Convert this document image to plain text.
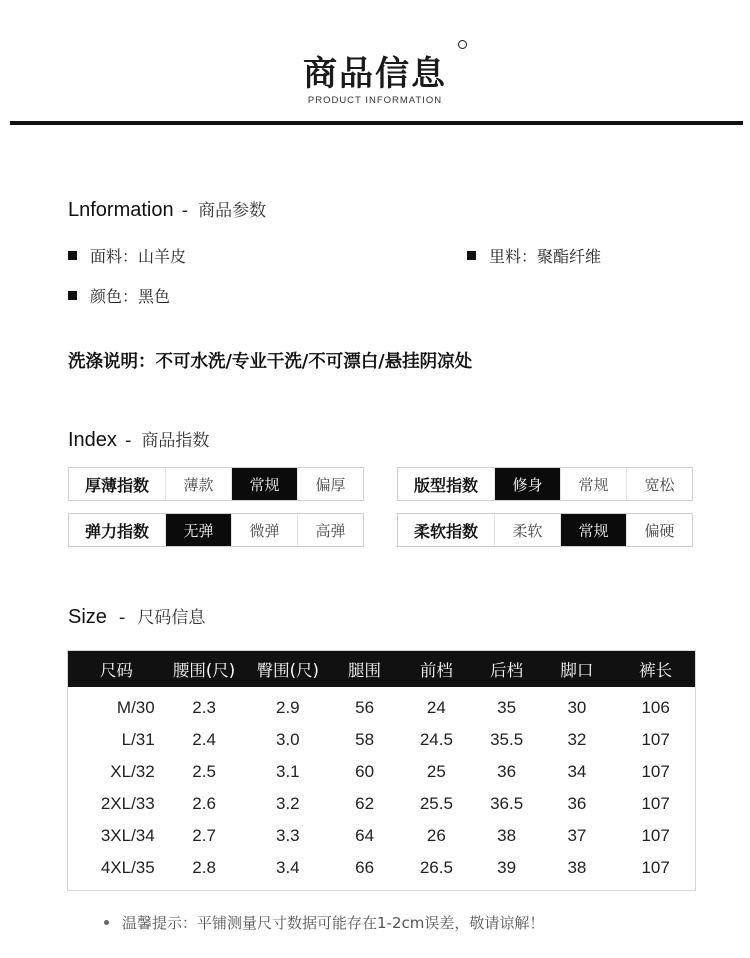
商品信息
PRODUCT INFORMATION
Lnformation - 商品参数
面料： 山羊皮	里料： 聚酯纤维
颜色： 黑色
洗涤说明：不可水洗/专业干洗/不可漂白/悬挂阴凉处
Index - 商品指数
厚薄指数	薄款	常规	偏厚	版型指数	修身	常规	宽松
弹力指数	无弹	微弹	高弹	柔软指数	柔软	常规	偏硬
Size - 尺码信息
尺码	腰围(尺)	臀围(尺)	腿围	前档	后档	脚口	裤长
M/30	2.3	2.9	56	24	35	30	106
L/31	2.4	3.0	58	24.5	35.5	32	107
XL/32	2.5	3.1	60	25	36	34	107
2XL/33	2.6	3.2	62	25.5	36.5	36	107
3XL/34	2.7	3.3	64	26	38	37	107
4XL/35	2.8	3.4	66	26.5	39	38	107
温馨提示：平铺测量尺寸数据可能存在1-2cm误差，敬请谅解！
